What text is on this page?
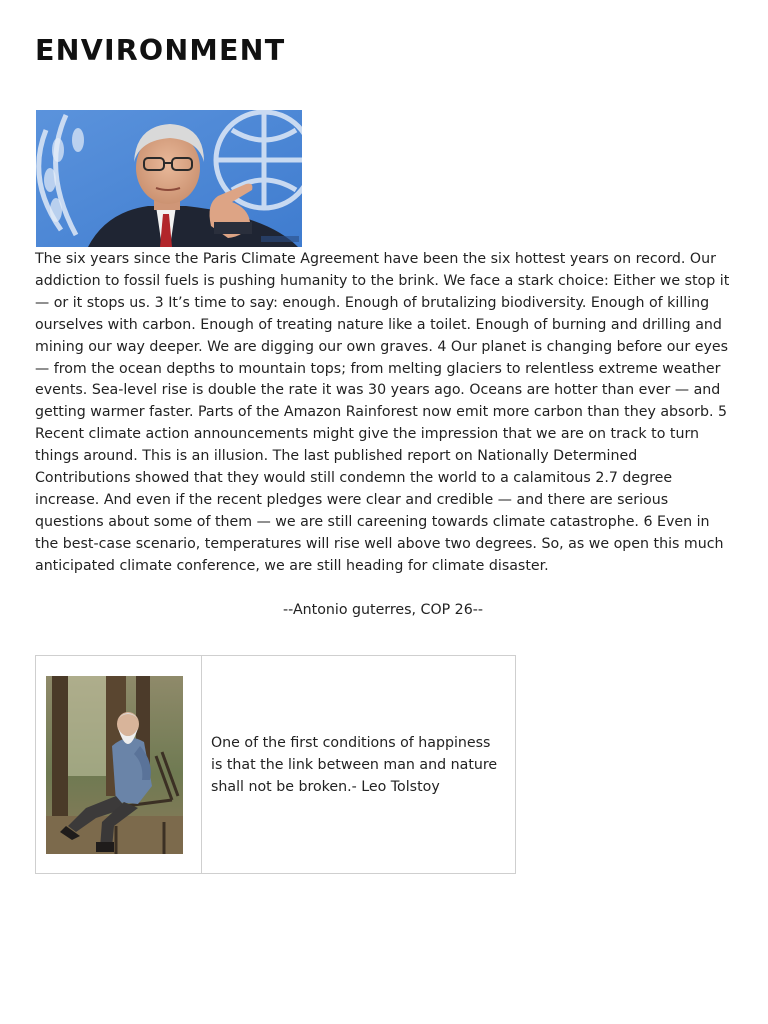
ENVIRONMENT

The six years since the Paris Climate Agreement have been the six hottest years on record. Our addiction to fossil fuels is pushing humanity to the brink. We face a stark choice: Either we stop it — or it stops us. 3 It’s time to say: enough. Enough of brutalizing biodiversity. Enough of killing ourselves with carbon. Enough of treating nature like a toilet. Enough of burning and drilling and mining our way deeper. We are digging our own graves. 4 Our planet is changing before our eyes — from the ocean depths to mountain tops; from melting glaciers to relentless extreme weather events. Sea-level rise is double the rate it was 30 years ago. Oceans are hotter than ever — and getting warmer faster. Parts of the Amazon Rainforest now emit more carbon than they absorb. 5 Recent climate action announcements might give the impression that we are on track to turn things around. This is an illusion. The last published report on Nationally Determined Contributions showed that they would still condemn the world to a calamitous 2.7 degree increase. And even if the recent pledges were clear and credible — and there are serious questions about some of them — we are still careening towards climate catastrophe. 6 Even in the best-case scenario, temperatures will rise well above two degrees. So, as we open this much anticipated climate conference, we are still heading for climate disaster.

--Antonio guterres, COP 26--

One of the first conditions of happiness is that the link between man and nature shall not be broken.- Leo Tolstoy
